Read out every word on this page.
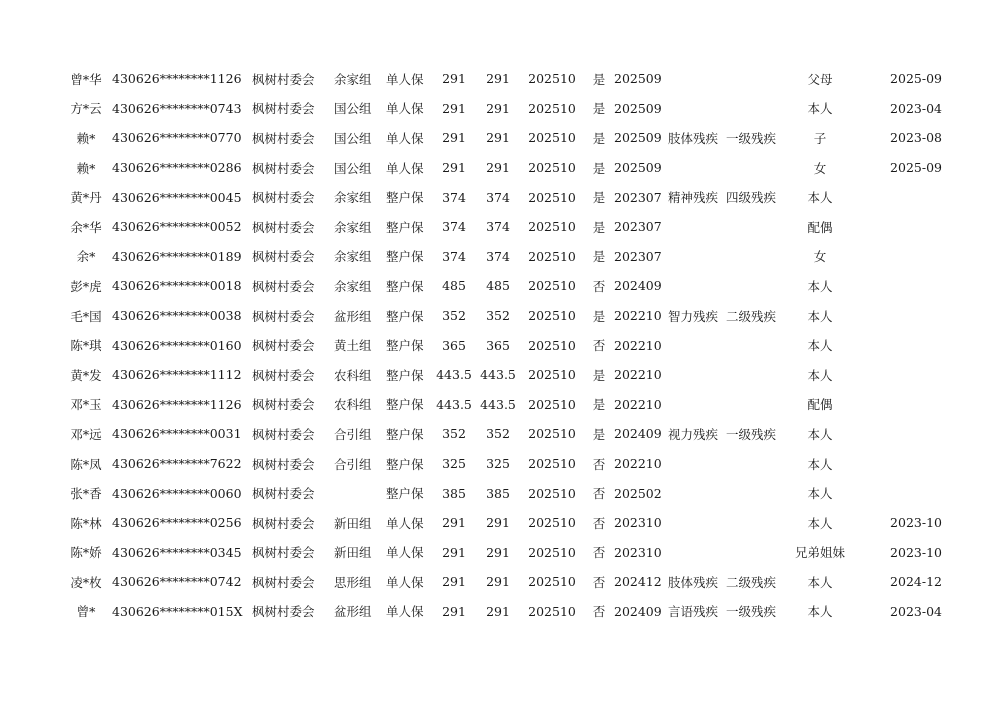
曾*华	430626********1126	枫树村委会	余家组	单人保	291	291	202510	是	202509			父母	2025-09
方*云	430626********0743	枫树村委会	国公组	单人保	291	291	202510	是	202509			本人	2023-04
赖*	430626********0770	枫树村委会	国公组	单人保	291	291	202510	是	202509	肢体残疾	一级残疾	子	2023-08
赖*	430626********0286	枫树村委会	国公组	单人保	291	291	202510	是	202509			女	2025-09
黄*丹	430626********0045	枫树村委会	余家组	整户保	374	374	202510	是	202307	精神残疾	四级残疾	本人	
余*华	430626********0052	枫树村委会	余家组	整户保	374	374	202510	是	202307			配偶	
余*	430626********0189	枫树村委会	余家组	整户保	374	374	202510	是	202307			女	
彭*虎	430626********0018	枫树村委会	余家组	整户保	485	485	202510	否	202409			本人	
毛*国	430626********0038	枫树村委会	盆形组	整户保	352	352	202510	是	202210	智力残疾	二级残疾	本人	
陈*琪	430626********0160	枫树村委会	黄土组	整户保	365	365	202510	否	202210			本人	
黄*发	430626********1112	枫树村委会	农科组	整户保	443.5	443.5	202510	是	202210			本人	
邓*玉	430626********1126	枫树村委会	农科组	整户保	443.5	443.5	202510	是	202210			配偶	
邓*远	430626********0031	枫树村委会	合引组	整户保	352	352	202510	是	202409	视力残疾	一级残疾	本人	
陈*凤	430626********7622	枫树村委会	合引组	整户保	325	325	202510	否	202210			本人	
张*香	430626********0060	枫树村委会		整户保	385	385	202510	否	202502			本人	
陈*林	430626********0256	枫树村委会	新田组	单人保	291	291	202510	否	202310			本人	2023-10
陈*娇	430626********0345	枫树村委会	新田组	单人保	291	291	202510	否	202310			兄弟姐妹	2023-10
凌*枚	430626********0742	枫树村委会	思形组	单人保	291	291	202510	否	202412	肢体残疾	二级残疾	本人	2024-12
曾*	430626********015X	枫树村委会	盆形组	单人保	291	291	202510	否	202409	言语残疾	一级残疾	本人	2023-04
